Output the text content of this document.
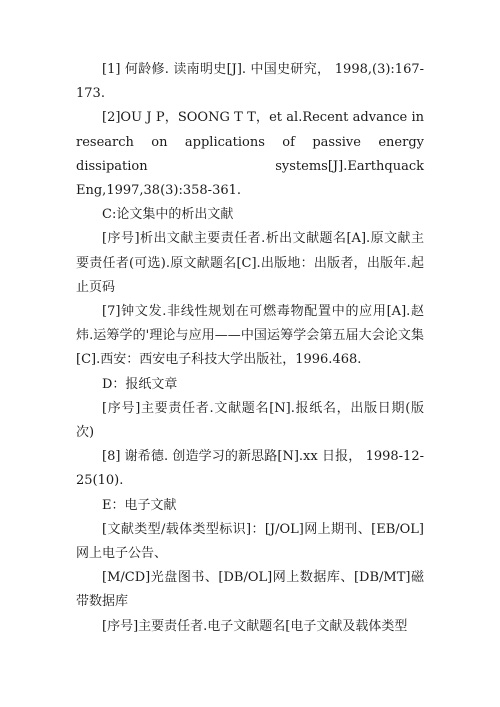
[1] 何龄修. 读南明史[J]. 中国史研究， 1998,(3):167-173.

[2]OU J P，SOONG T T，et al.Recent advance in research on applications of passive energy dissipation systems[J].Earthquack Eng,1997,38(3):358-361.

C:论文集中的析出文献

[序号]析出文献主要责任者.析出文献题名[A].原文献主要责任者(可选).原文献题名[C].出版地：出版者，出版年.起止页码

[7]钟文发.非线性规划在可燃毒物配置中的应用[A].赵炜.运筹学的'理论与应用——中国运筹学会第五届大会论文集[C].西安：西安电子科技大学出版社，1996.468.

D：报纸文章

[序号]主要责任者.文献题名[N].报纸名，出版日期(版次)

[8] 谢希德. 创造学习的新思路[N].xx 日报， 1998-12-25(10).

E：电子文献

[文献类型/载体类型标识]：[J/OL]网上期刊、[EB/OL]网上电子公告、

[M/CD]光盘图书、[DB/OL]网上数据库、[DB/MT]磁带数据库

[序号]主要责任者.电子文献题名[电子文献及载体类型
